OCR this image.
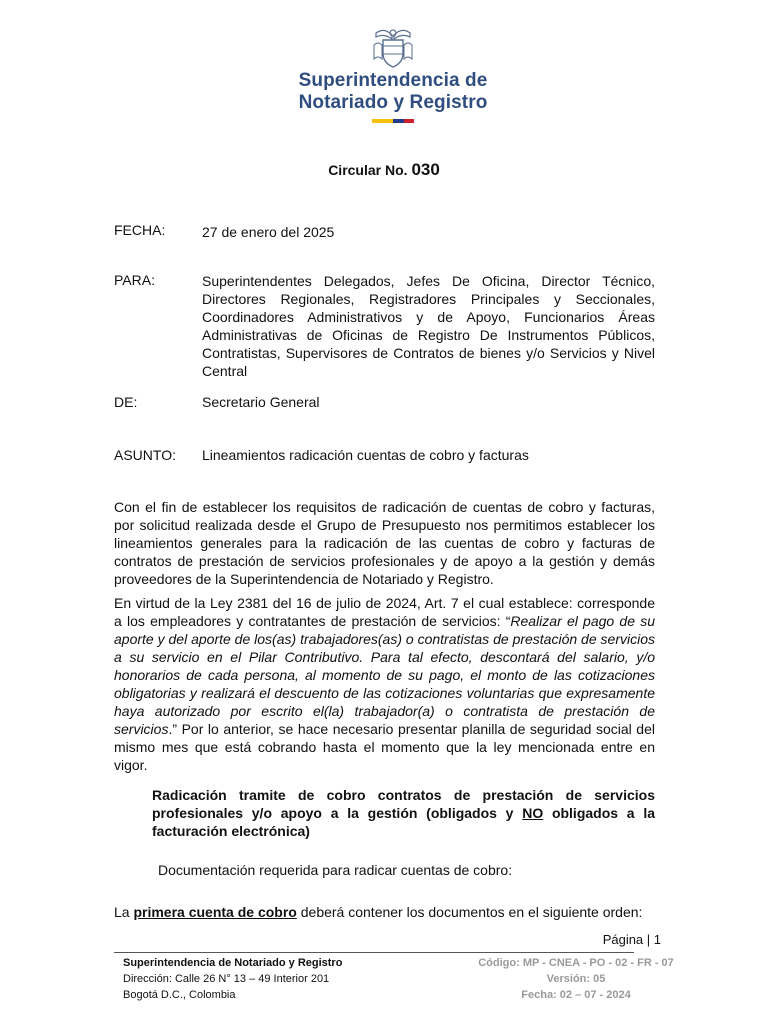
Superintendencia de
Notariado y Registro
Circular No. 030
FECHA:	27 de enero del 2025
PARA:	Superintendentes Delegados, Jefes De Oficina, Director Técnico, Directores Regionales, Registradores Principales y Seccionales, Coordinadores Administrativos y de Apoyo, Funcionarios Áreas Administrativas de Oficinas de Registro De Instrumentos Públicos, Contratistas, Supervisores de Contratos de bienes y/o Servicios y Nivel Central
DE:	Secretario General
ASUNTO: Lineamientos radicación cuentas de cobro y facturas
Con el fin de establecer los requisitos de radicación de cuentas de cobro y facturas, por solicitud realizada desde el Grupo de Presupuesto nos permitimos establecer los lineamientos generales para la radicación de las cuentas de cobro y facturas de contratos de prestación de servicios profesionales y de apoyo a la gestión y demás proveedores de la Superintendencia de Notariado y Registro.
En virtud de la Ley 2381 del 16 de julio de 2024, Art. 7 el cual establece: corresponde a los empleadores y contratantes de prestación de servicios: “Realizar el pago de su aporte y del aporte de los(as) trabajadores(as) o contratistas de prestación de servicios a su servicio en el Pilar Contributivo. Para tal efecto, descontará del salario, y/o honorarios de cada persona, al momento de su pago, el monto de las cotizaciones obligatorias y realizará el descuento de las cotizaciones voluntarias que expresamente haya autorizado por escrito el(la) trabajador(a) o contratista de prestación de servicios.” Por lo anterior, se hace necesario presentar planilla de seguridad social del mismo mes que está cobrando hasta el momento que la ley mencionada entre en vigor.
Radicación tramite de cobro contratos de prestación de servicios profesionales y/o apoyo a la gestión (obligados y NO obligados a la facturación electrónica)
Documentación requerida para radicar cuentas de cobro:
La primera cuenta de cobro deberá contener los documentos en el siguiente orden:
Página | 1
Superintendencia de Notariado y Registro
Dirección: Calle 26 N° 13 – 49 Interior 201
Bogotá D.C., Colombia
Código: MP - CNEA - PO - 02 - FR - 07
Versión: 05
Fecha: 02 – 07 - 2024
